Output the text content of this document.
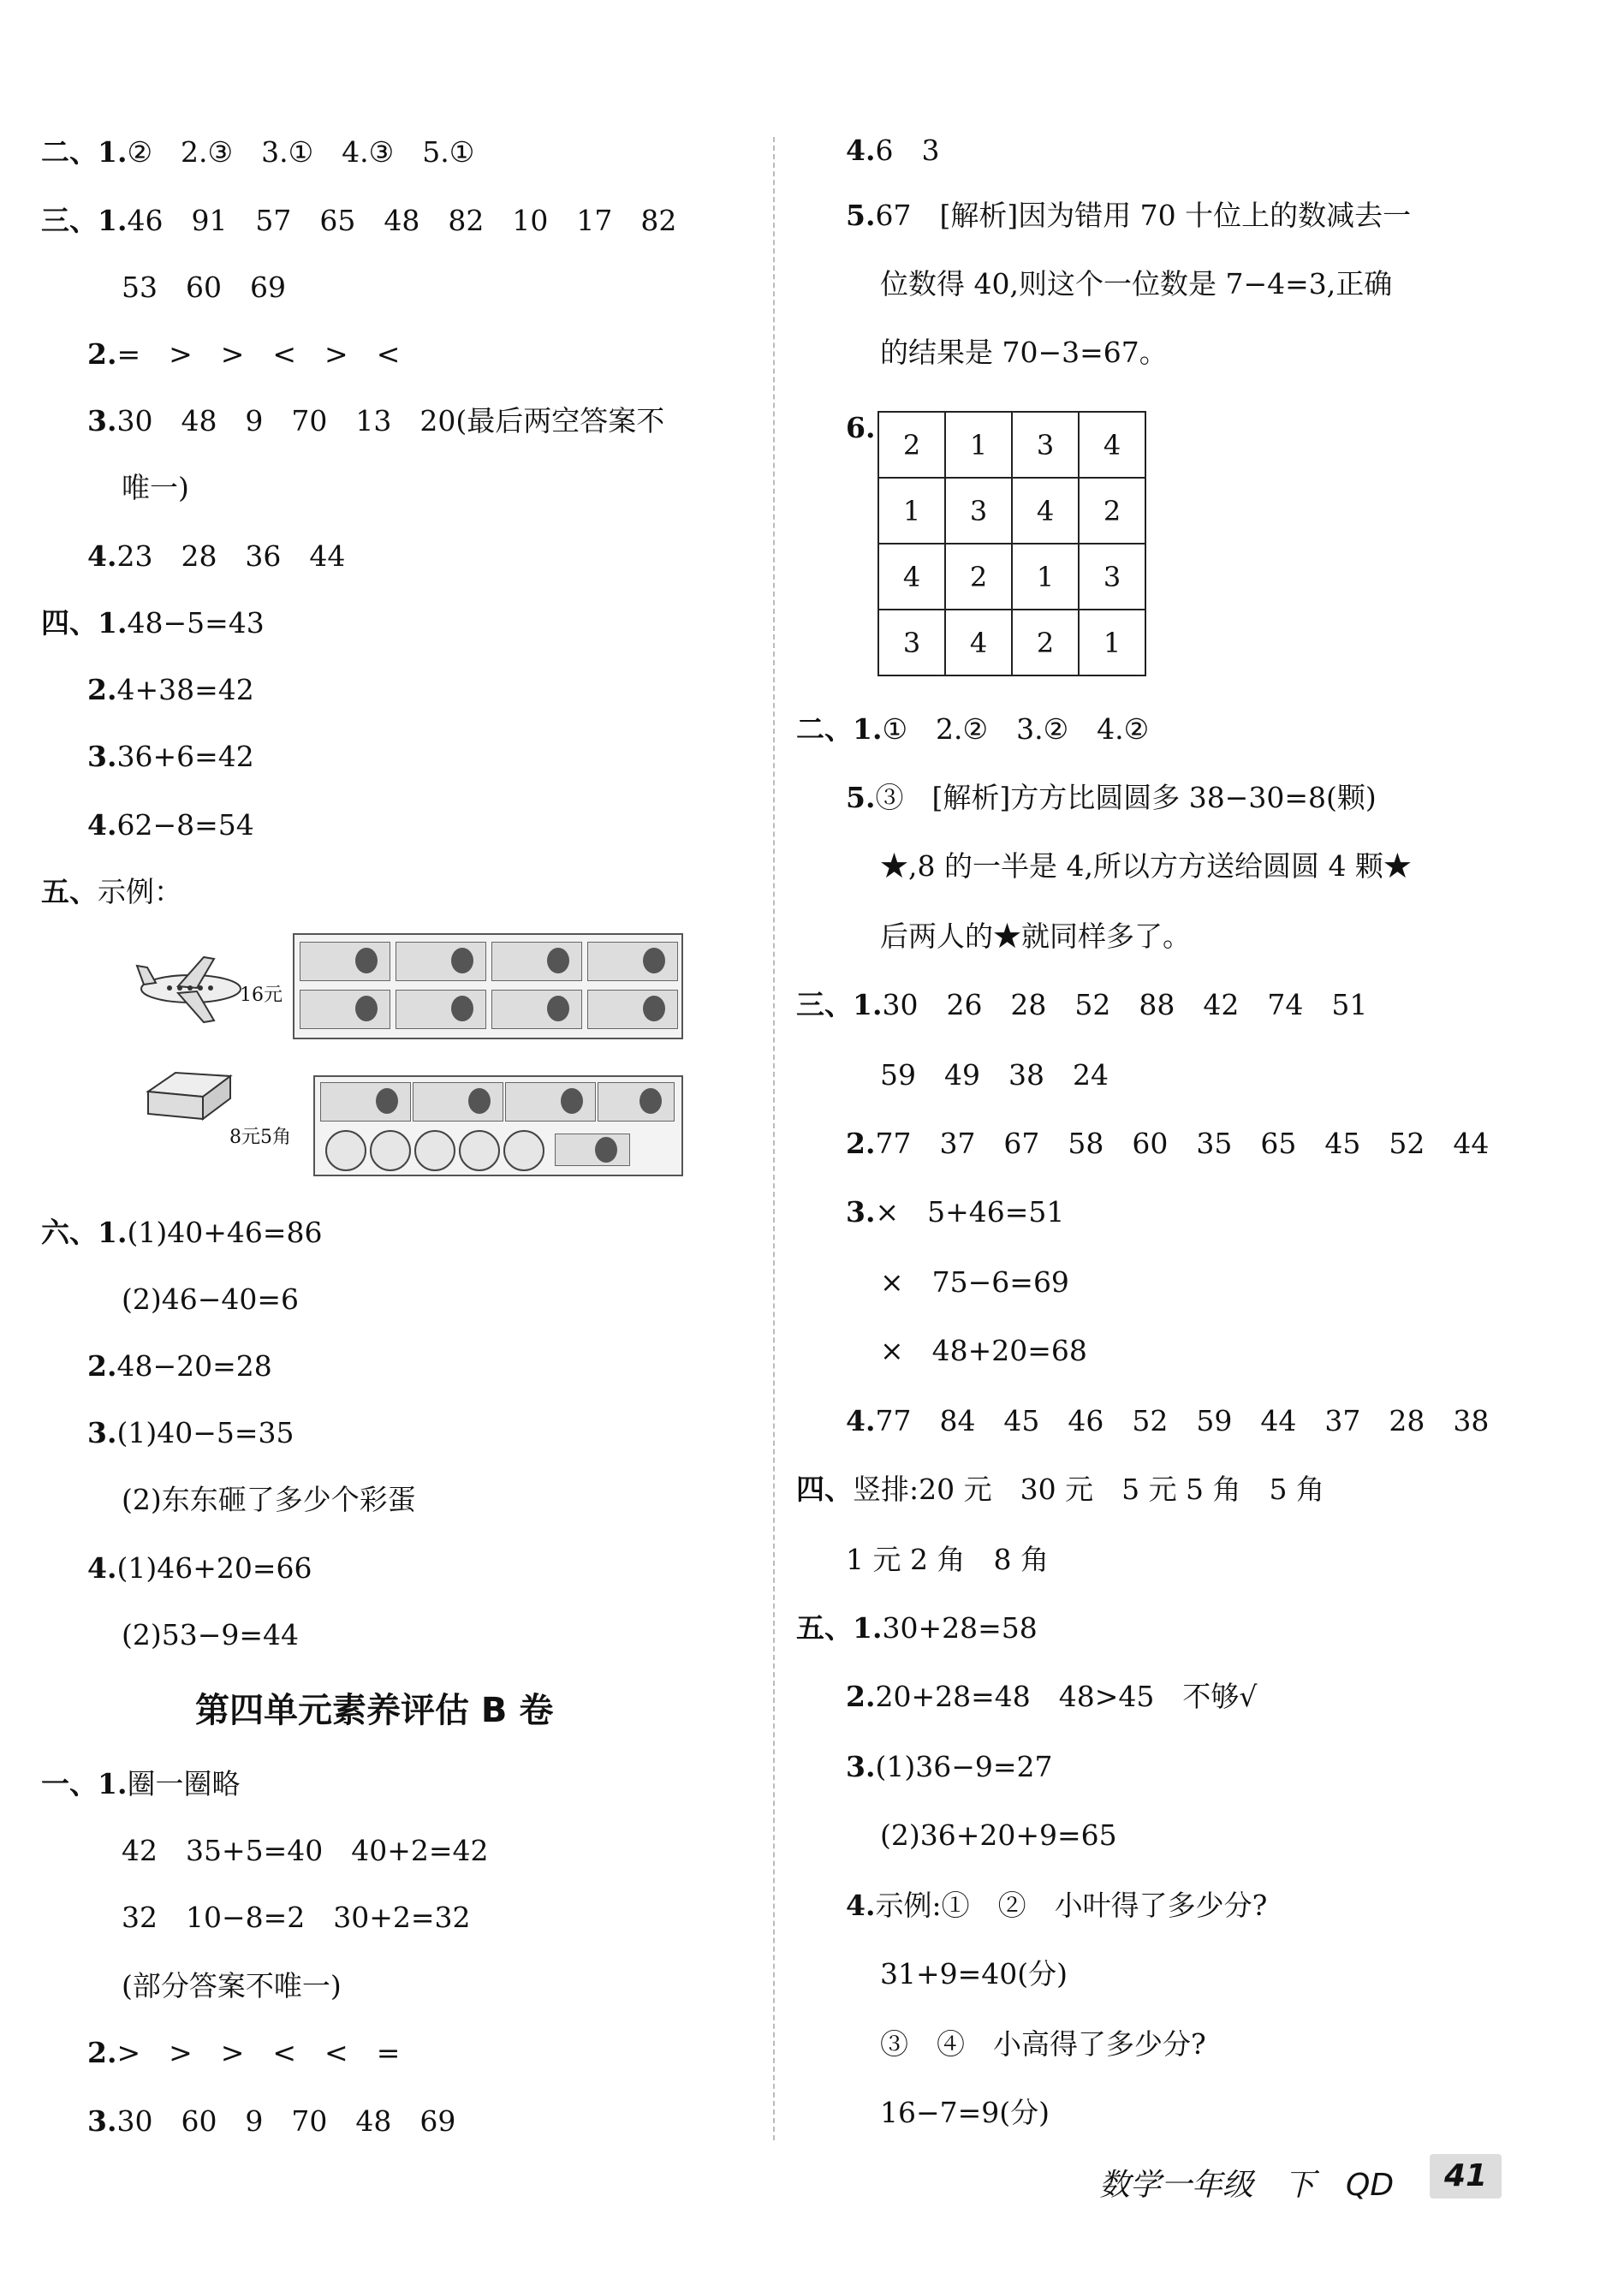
二、1.②　2.③　3.①　4.③　5.①
三、1.46　91　57　65　48　82　10　17　82
53　60　69
2.=　>　>　<　>　<
3.30　48　9　70　13　20(最后两空答案不
唯一)
4.23　28　36　44
四、1.48−5=43
2.4+38=42
3.36+6=42
4.62−8=54
五、示例：
16元
8元5角
六、1.(1)40+46=86
(2)46−40=6
2.48−20=28
3.(1)40−5=35
(2)东东砸了多少个彩蛋
4.(1)46+20=66
(2)53−9=44
第四单元素养评估 B 卷
一、1.圈一圈略
42　35+5=40　40+2=42
32　10−8=2　30+2=32
(部分答案不唯一)
2.>　>　>　<　<　=
3.30　60　9　70　48　69
4.6　3
5.67　[解析]因为错用 70 十位上的数减去一
位数得 40,则这个一位数是 7−4=3,正确
的结果是 70−3=67。
6.
2	1	3	4
1	3	4	2
4	2	1	3
3	4	2	1
二、1.①　2.②　3.②　4.②
5.③　[解析]方方比圆圆多 38−30=8(颗)
★,8 的一半是 4,所以方方送给圆圆 4 颗★
后两人的★就同样多了。
三、1.30　26　28　52　88　42　74　51
59　49　38　24
2.77　37　67　58　60　35　65　45　52　44
3.×　5+46=51
×　75−6=69
×　48+20=68
4.77　84　45　46　52　59　44　37　28　38
四、竖排:20 元　30 元　5 元 5 角　5 角
1 元 2 角　8 角
五、1.30+28=58
2.20+28=48　48>45　不够√
3.(1)36−9=27
(2)36+20+9=65
4.示例:①　②　小叶得了多少分?
31+9=40(分)
③　④　小高得了多少分?
16−7=9(分)
数学一年级　下　QD	41
